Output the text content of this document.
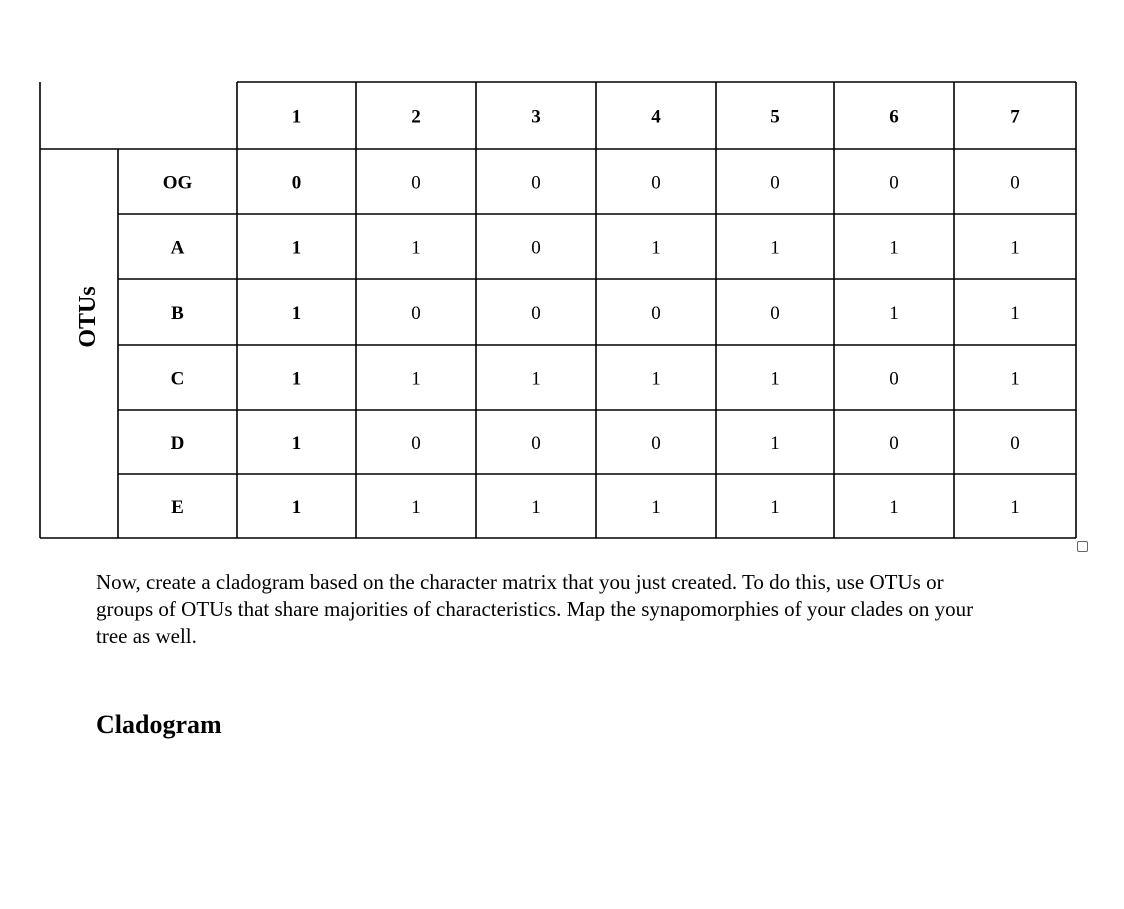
OTUs
1	2	3	4	5	6	7
OG	0	0	0	0	0	0	0
A	1	1	0	1	1	1	1
B	1	0	0	0	0	1	1
C	1	1	1	1	1	0	1
D	1	0	0	0	1	0	0
E	1	1	1	1	1	1	1

Now, create a cladogram based on the character matrix that you just created. To do this, use OTUs or groups of OTUs that share majorities of characteristics. Map the synapomorphies of your clades on your tree as well.

Cladogram
